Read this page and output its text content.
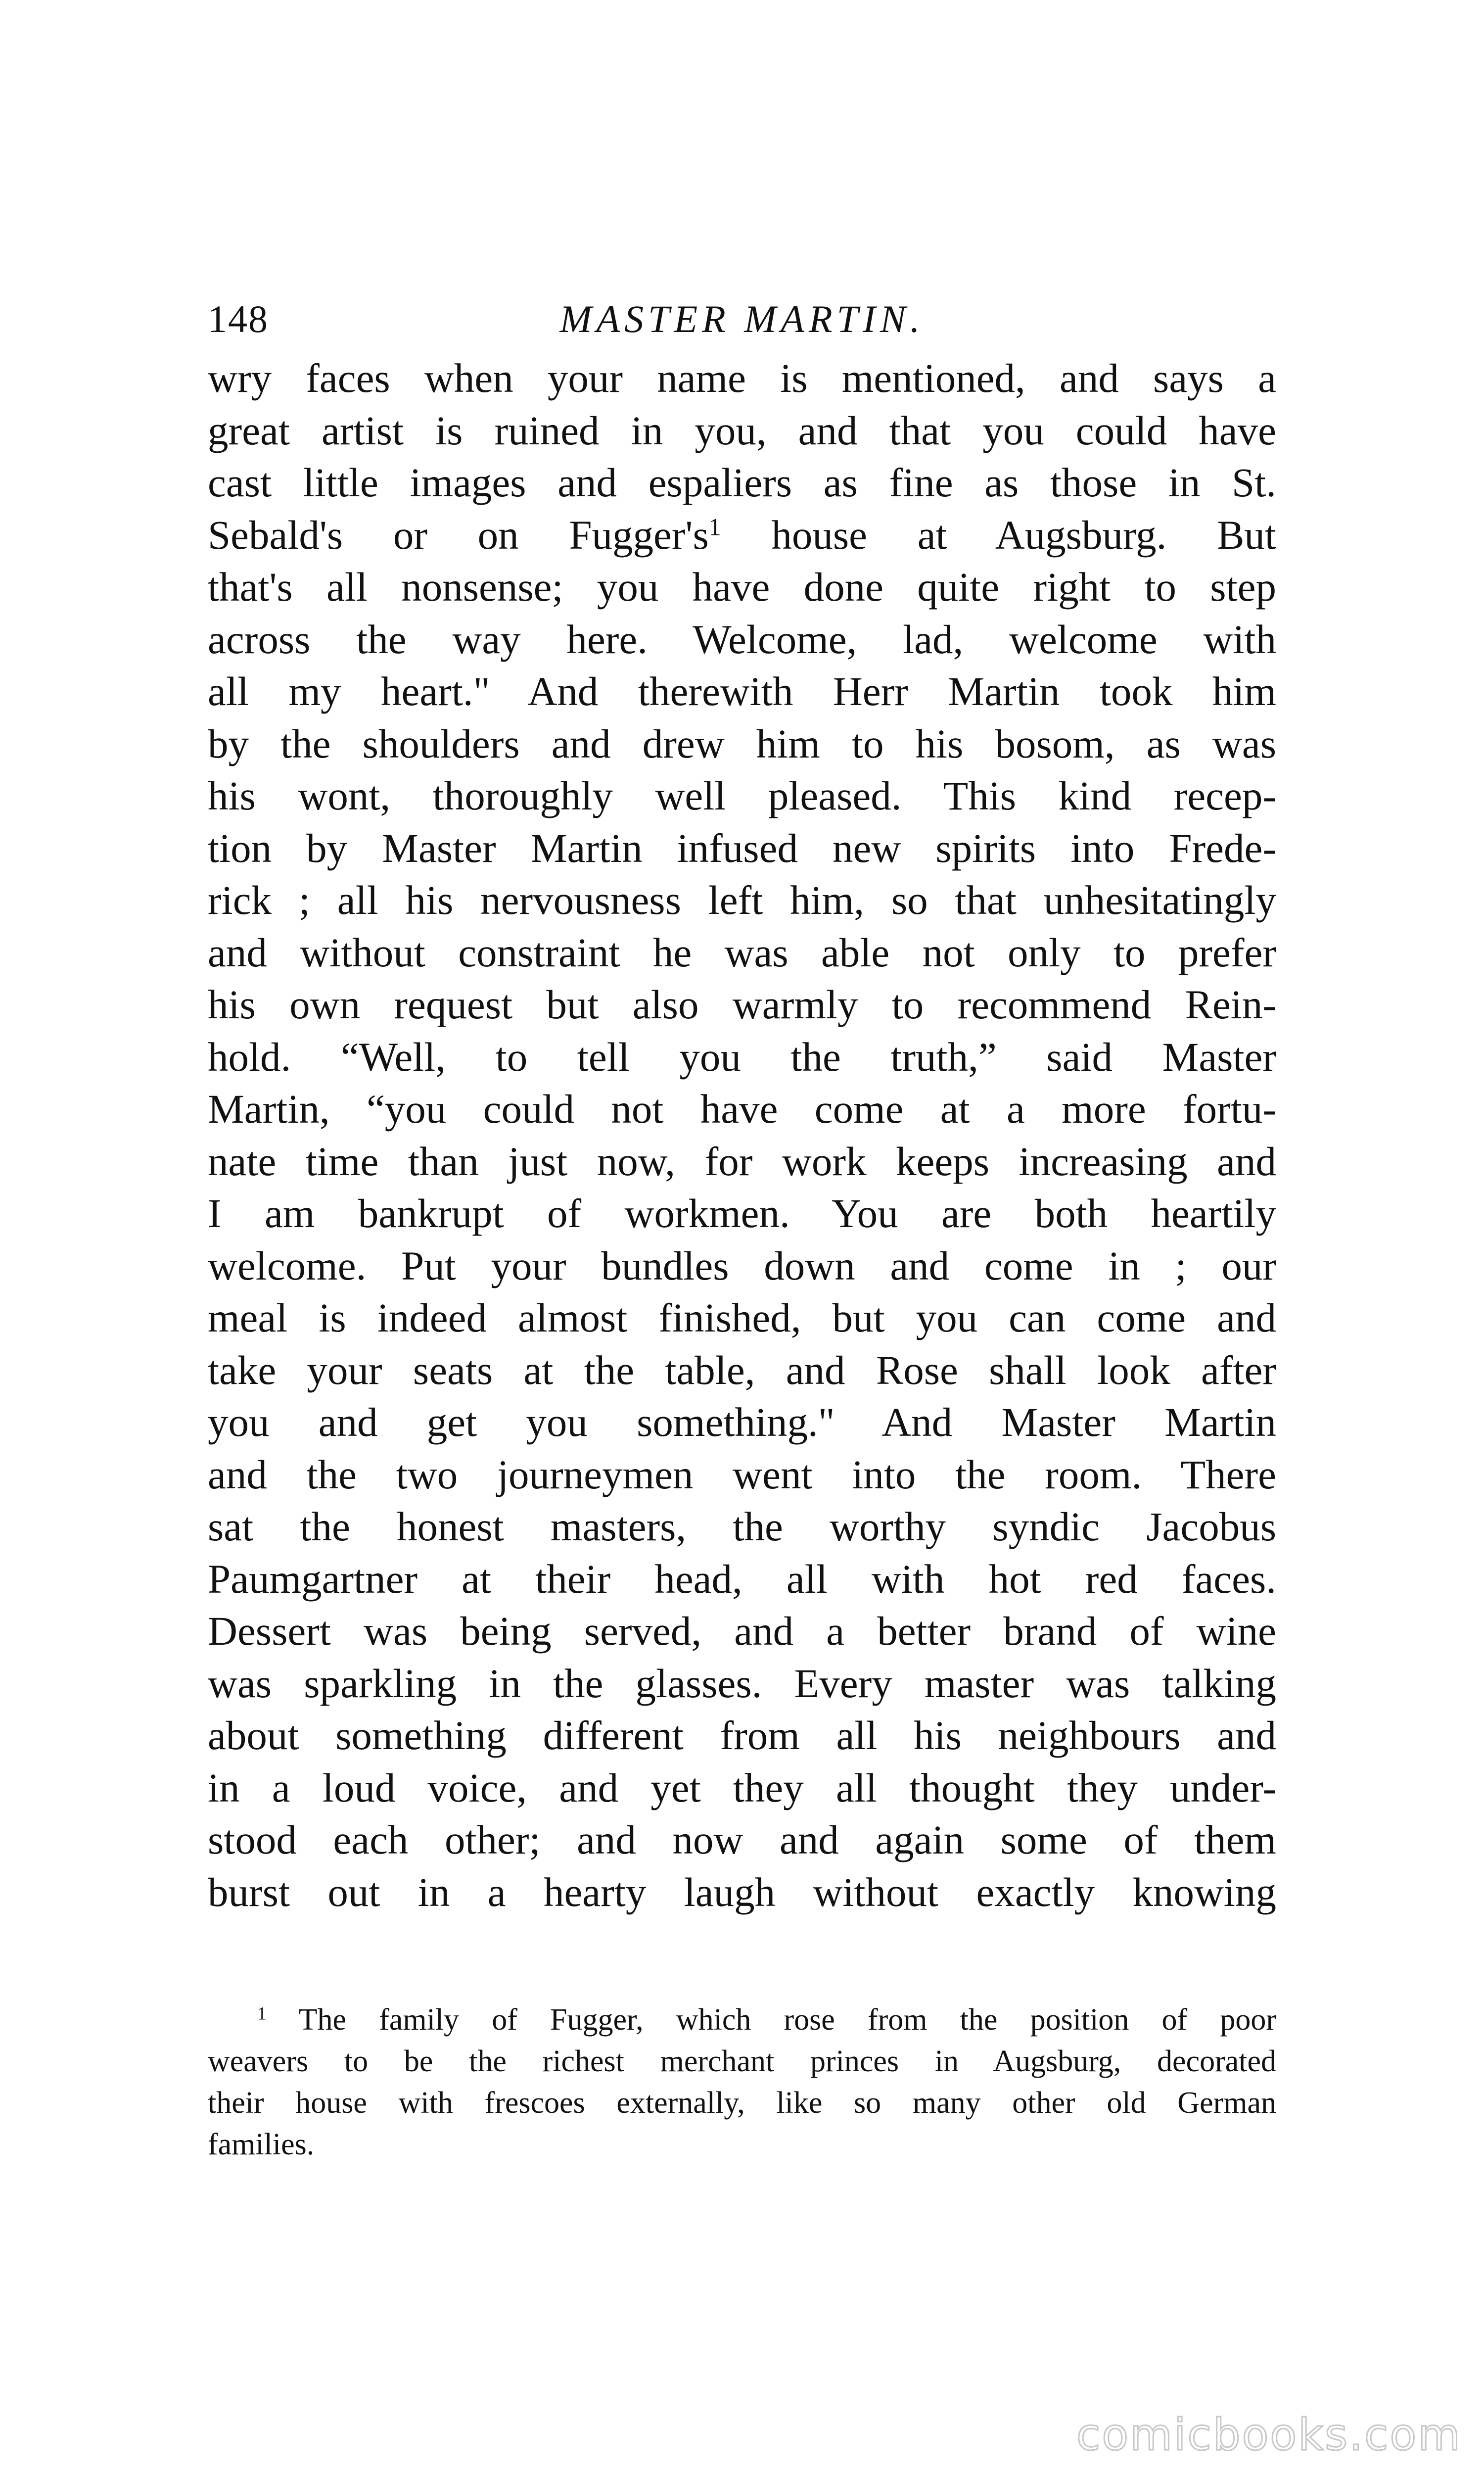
148	MASTER MARTIN.
wry faces when your name is mentioned, and says a
great artist is ruined in you, and that you could have
cast little images and espaliers as fine as those in St.
Sebald's or on $Fugger's^1$ house at Augsburg. But
that's all nonsense; you have done quite right to step
across the way here. Welcome, lad, welcome with
all my heart." And therewith Herr Martin took him
by the shoulders and drew him to his bosom, as was
his wont, thoroughly well pleased. This kind recep-
tion by Master Martin infused new spirits into Frede-
rick ; all his nervousness left him, so that unhesitatingly
and without constraint he was able not only to prefer
his own request but also warmly to recommend Rein-
hold. “Well, to tell you the truth,” said Master
Martin, “you could not have come at a more fortu-
nate time than just now, for work keeps increasing and
I am bankrupt of workmen. You are both heartily
welcome. Put your bundles down and come in ; our
meal is indeed almost finished, but you can come and
take your seats at the table, and Rose shall look after
you and get you something." And Master Martin
and the two journeymen went into the room. There
sat the honest masters, the worthy syndic Jacobus
Paumgartner at their head, all with hot red faces.
Dessert was being served, and a better brand of wine
was sparkling in the glasses. Every master was talking
about something different from all his neighbours and
in a loud voice, and yet they all thought they under-
stood each other; and now and again some of them
burst out in a hearty laugh without exactly knowing
$^1$ The family of Fugger, which rose from the position of poor
weavers to be the richest merchant princes in Augsburg, decorated
their house with frescoes externally, like so many other old German
families.
comicbooks.com
